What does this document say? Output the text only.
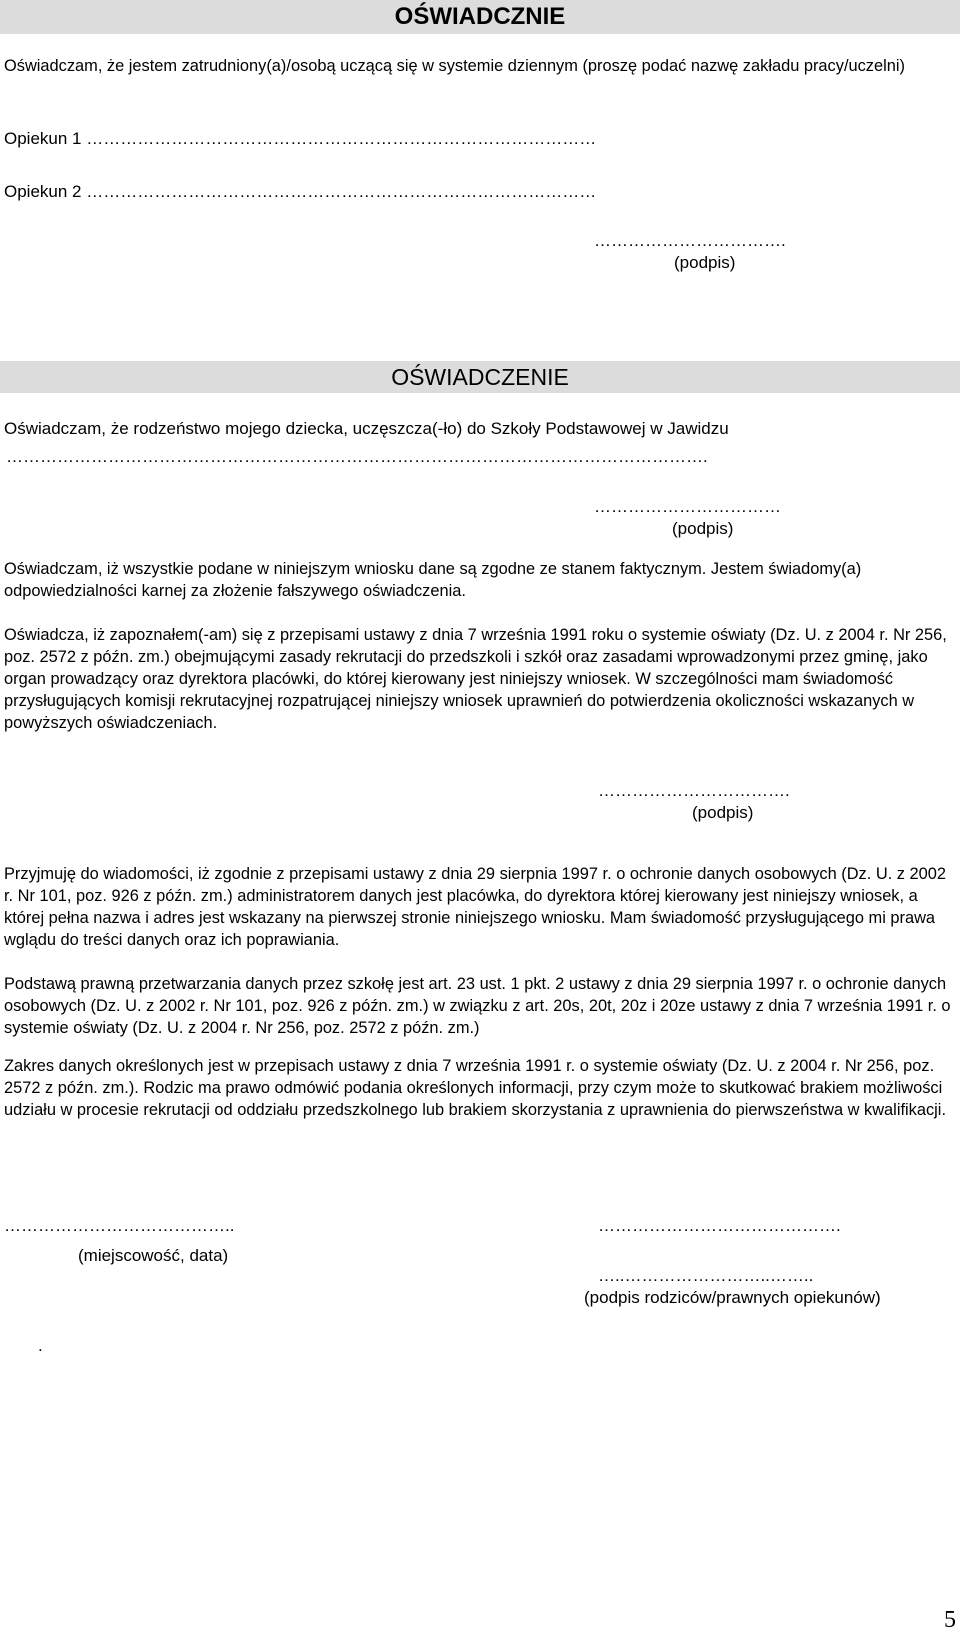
OŚWIADCZNIE

Oświadczam, że jestem zatrudniony(a)/osobą uczącą się w systemie dziennym (proszę podać nazwę zakładu pracy/uczelni)

Opiekun 1 ………………………………………………………………………………

Opiekun 2 ………………………………………………………………………………

…………………………….

(podpis)

OŚWIADCZENIE

Oświadczam, że rodzeństwo mojego dziecka, uczęszcza(-ło) do Szkoły Podstawowej w Jawidzu

…………………………………………………………………………………………………………….

……………………………

(podpis)

Oświadczam, iż wszystkie podane w niniejszym wniosku dane są zgodne ze stanem faktycznym. Jestem świadomy(a) odpowiedzialności karnej za złożenie fałszywego oświadczenia.

Oświadcza, iż zapoznałem(-am) się z przepisami ustawy z dnia 7 września 1991 roku o systemie oświaty (Dz. U. z 2004 r. Nr 256, poz. 2572 z późn. zm.) obejmującymi zasady rekrutacji do przedszkoli i szkół oraz zasadami wprowadzonymi przez gminę, jako organ prowadzący oraz dyrektora placówki, do której kierowany jest niniejszy wniosek. W szczególności mam świadomość przysługujących komisji rekrutacyjnej rozpatrującej niniejszy wniosek uprawnień do potwierdzenia okoliczności wskazanych w powyższych oświadczeniach.

…………………………….

(podpis)

Przyjmuję do wiadomości, iż zgodnie z przepisami ustawy z dnia 29 sierpnia 1997 r. o ochronie danych osobowych (Dz. U. z 2002 r. Nr 101, poz. 926 z późn. zm.) administratorem danych jest placówka, do dyrektora której kierowany jest niniejszy wniosek, a której pełna nazwa i adres jest wskazany na pierwszej stronie niniejszego wniosku. Mam świadomość przysługującego mi prawa wglądu do treści danych oraz ich poprawiania.

Podstawą prawną przetwarzania danych przez szkołę jest art. 23 ust. 1 pkt. 2 ustawy z dnia 29 sierpnia 1997 r. o ochronie danych osobowych (Dz. U. z 2002 r. Nr 101, poz. 926 z późn. zm.) w związku z art. 20s, 20t, 20z i 20ze ustawy z dnia 7 września 1991 r. o systemie oświaty (Dz. U. z 2004 r. Nr 256, poz. 2572 z późn. zm.)

Zakres danych określonych jest w przepisach ustawy z dnia 7 września 1991 r. o systemie oświaty (Dz. U. z 2004 r. Nr 256, poz. 2572 z późn. zm.). Rodzic ma prawo odmówić podania określonych informacji, przy czym może to skutkować brakiem możliwości udziału w procesie rekrutacji od oddziału przedszkolnego lub brakiem skorzystania z uprawnienia do pierwszeństwa w kwalifikacji.

…………………………………..

(miejscowość, data)

…………………………………….

…..……………………..……..

(podpis rodziców/prawnych opiekunów)

.

5
